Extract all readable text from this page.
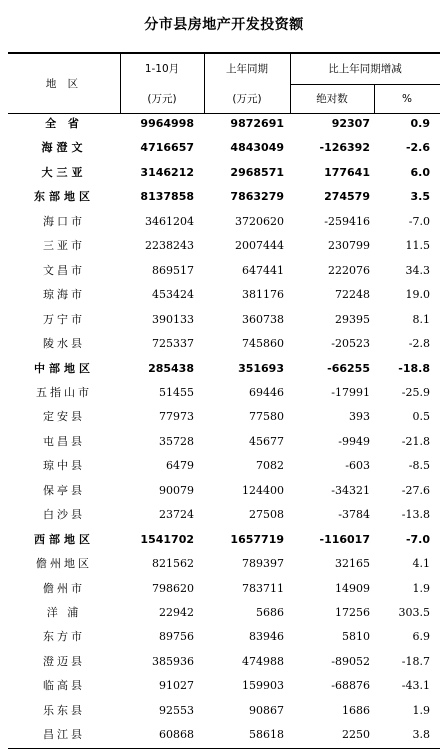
分市县房地产开发投资额
地 区
1-10月
(万元)
上年同期
(万元)
比上年同期增减
绝对数	%
全 省	9964998	9872691	92307	0.9
海澄文	4716657	4843049	-126392	-2.6
大三亚	3146212	2968571	177641	6.0
东部地区	8137858	7863279	274579	3.5
海口市	3461204	3720620	-259416	-7.0
三亚市	2238243	2007444	230799	11.5
文昌市	869517	647441	222076	34.3
琼海市	453424	381176	72248	19.0
万宁市	390133	360738	29395	8.1
陵水县	725337	745860	-20523	-2.8
中部地区	285438	351693	-66255	-18.8
五指山市	51455	69446	-17991	-25.9
定安县	77973	77580	393	0.5
屯昌县	35728	45677	-9949	-21.8
琼中县	6479	7082	-603	-8.5
保亭县	90079	124400	-34321	-27.6
白沙县	23724	27508	-3784	-13.8
西部地区	1541702	1657719	-116017	-7.0
儋州地区	821562	789397	32165	4.1
儋州市	798620	783711	14909	1.9
洋 浦	22942	5686	17256	303.5
东方市	89756	83946	5810	6.9
澄迈县	385936	474988	-89052	-18.7
临高县	91027	159903	-68876	-43.1
乐东县	92553	90867	1686	1.9
昌江县	60868	58618	2250	3.8
